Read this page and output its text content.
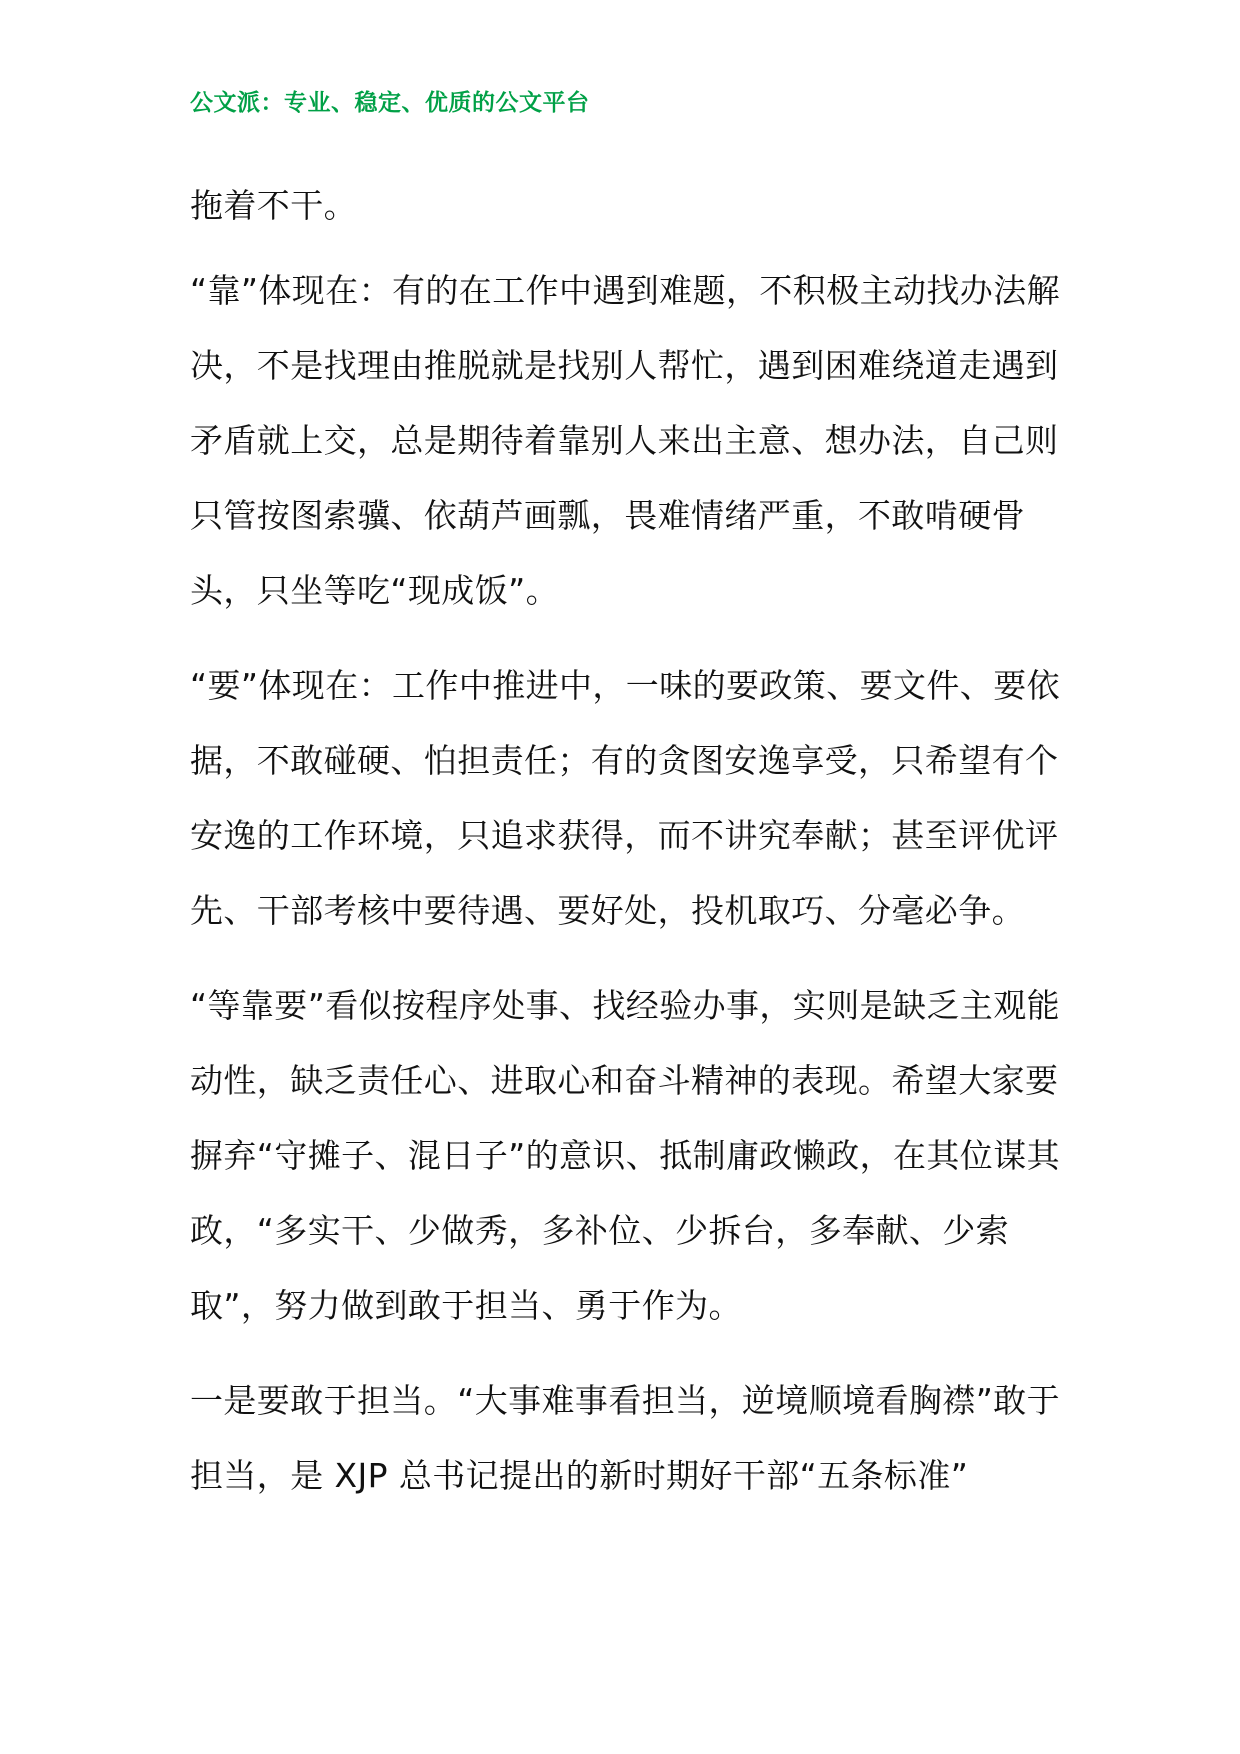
公文派：专业、稳定、优质的公文平台

拖着不干。

“靠”体现在：有的在工作中遇到难题，不积极主动找办法解决，不是找理由推脱就是找别人帮忙，遇到困难绕道走遇到矛盾就上交，总是期待着靠别人来出主意、想办法，自己则只管按图索骥、依葫芦画瓢，畏难情绪严重，不敢啃硬骨头，只坐等吃“现成饭”。

“要”体现在：工作中推进中，一味的要政策、要文件、要依据，不敢碰硬、怕担责任；有的贪图安逸享受，只希望有个安逸的工作环境，只追求获得，而不讲究奉献；甚至评优评先、干部考核中要待遇、要好处，投机取巧、分毫必争。

“等靠要”看似按程序处事、找经验办事，实则是缺乏主观能动性，缺乏责任心、进取心和奋斗精神的表现。希望大家要摒弃“守摊子、混日子”的意识、抵制庸政懒政，在其位谋其政，“多实干、少做秀，多补位、少拆台，多奉献、少索取”，努力做到敢于担当、勇于作为。

一是要敢于担当。“大事难事看担当，逆境顺境看胸襟”敢于担当，是 XJP 总书记提出的新时期好干部“五条标准”
